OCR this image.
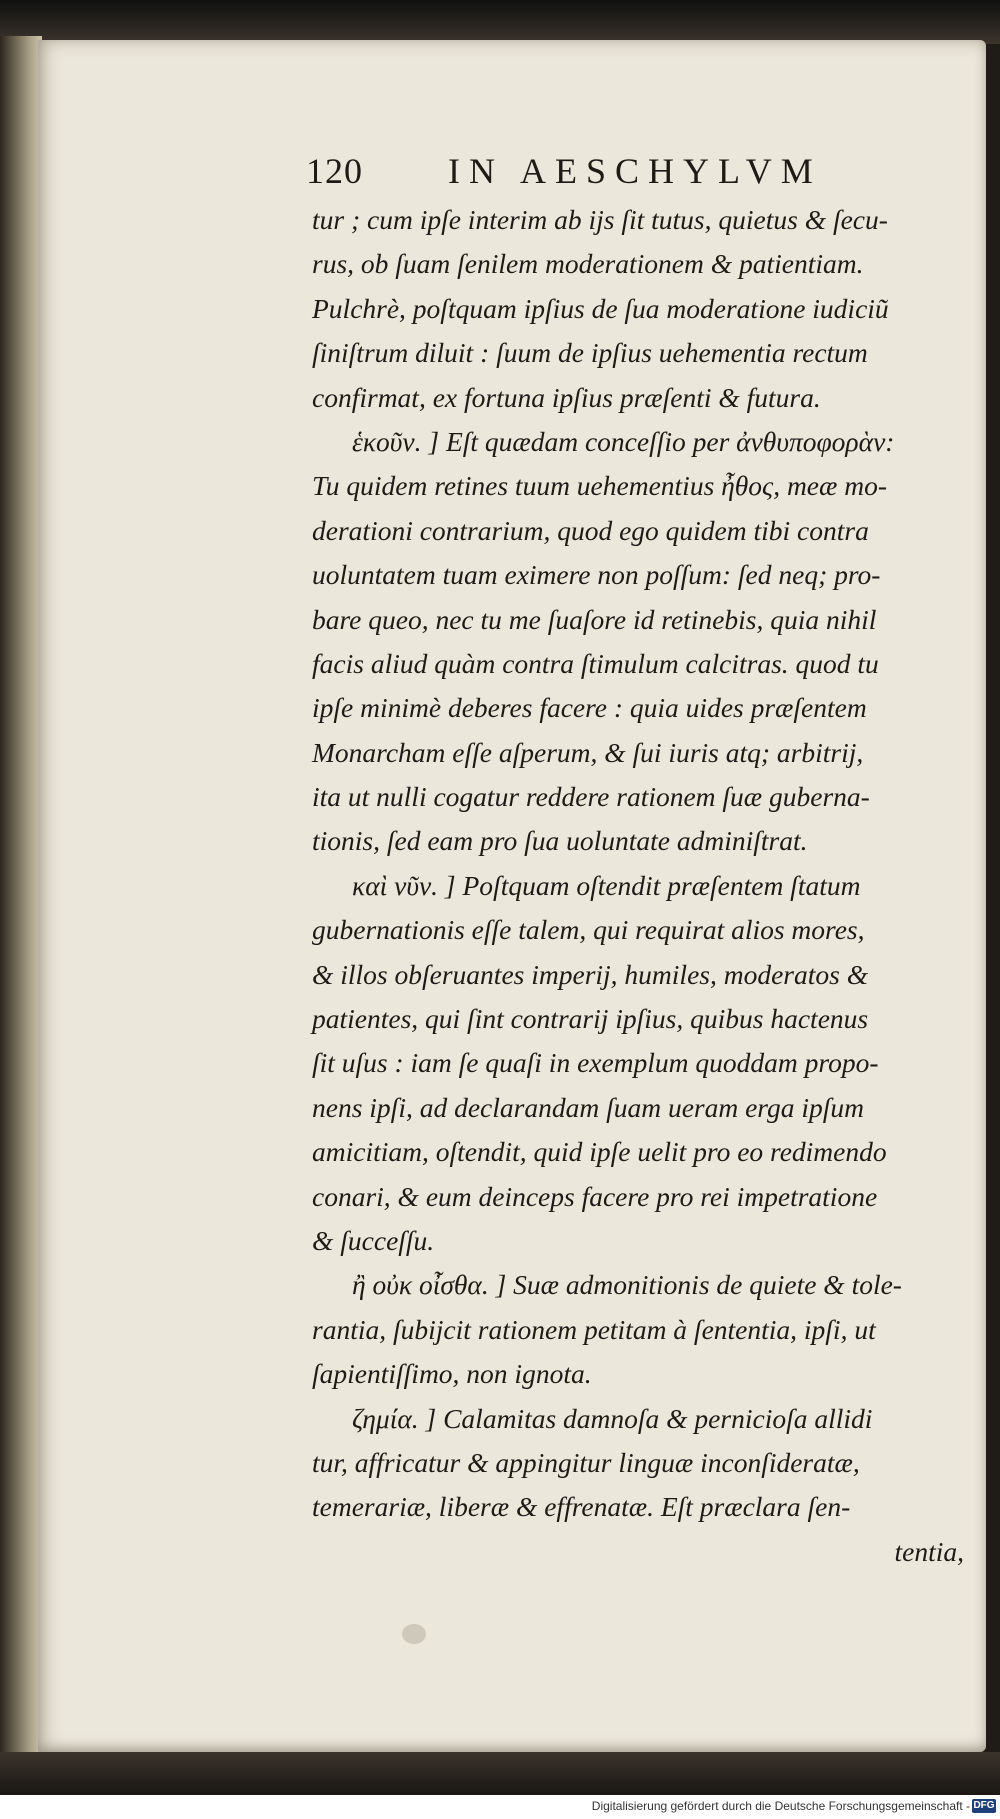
120 IN AESCHYLVM
tur ; cum ipſe interim ab ijs ſit tutus, quietus & ſecu-
rus, ob ſuam ſenilem moderationem & patientiam.
Pulchrè, poſtquam ipſius de ſua moderatione iudiciũ
ſiniſtrum diluit : ſuum de ipſius uehementia rectum
confirmat, ex fortuna ipſius præſenti & futura.
ἑκοῦν. ] Eſt quædam conceſſio per ἀνθυποφορὰν:
Tu quidem retines tuum uehementius ἦθος, meæ mo-
derationi contrarium, quod ego quidem tibi contra
uoluntatem tuam eximere non poſſum: ſed neq; pro-
bare queo, nec tu me ſuaſore id retinebis, quia nihil
facis aliud quàm contra ſtimulum calcitras. quod tu
ipſe minimè deberes facere : quia uides præſentem
Monarcham eſſe aſperum, & ſui iuris atq; arbitrij,
ita ut nulli cogatur reddere rationem ſuæ guberna-
tionis, ſed eam pro ſua uoluntate adminiſtrat.
καὶ νῦν. ] Poſtquam oſtendit præſentem ſtatum
gubernationis eſſe talem, qui requirat alios mores,
& illos obſeruantes imperij, humiles, moderatos &
patientes, qui ſint contrarij ipſius, quibus hactenus
ſit uſus : iam ſe quaſi in exemplum quoddam propo-
nens ipſi, ad declarandam ſuam ueram erga ipſum
amicitiam, oſtendit, quid ipſe uelit pro eo redimendo
conari, & eum deinceps facere pro rei impetratione
& ſucceſſu.
ἢ οὐκ οἶσθα. ] Suæ admonitionis de quiete & tole-
rantia, ſubijcit rationem petitam à ſententia, ipſi, ut
ſapientiſſimo, non ignota.
ζημία. ] Calamitas damnoſa & pernicioſa allidi
tur, affricatur & appingitur linguæ inconſideratæ,
temerariæ, liberæ & effrenatæ. Eſt præclara ſen-
tentia,
Digitalisierung gefördert durch die Deutsche Forschungsgemeinschaft - DFG
